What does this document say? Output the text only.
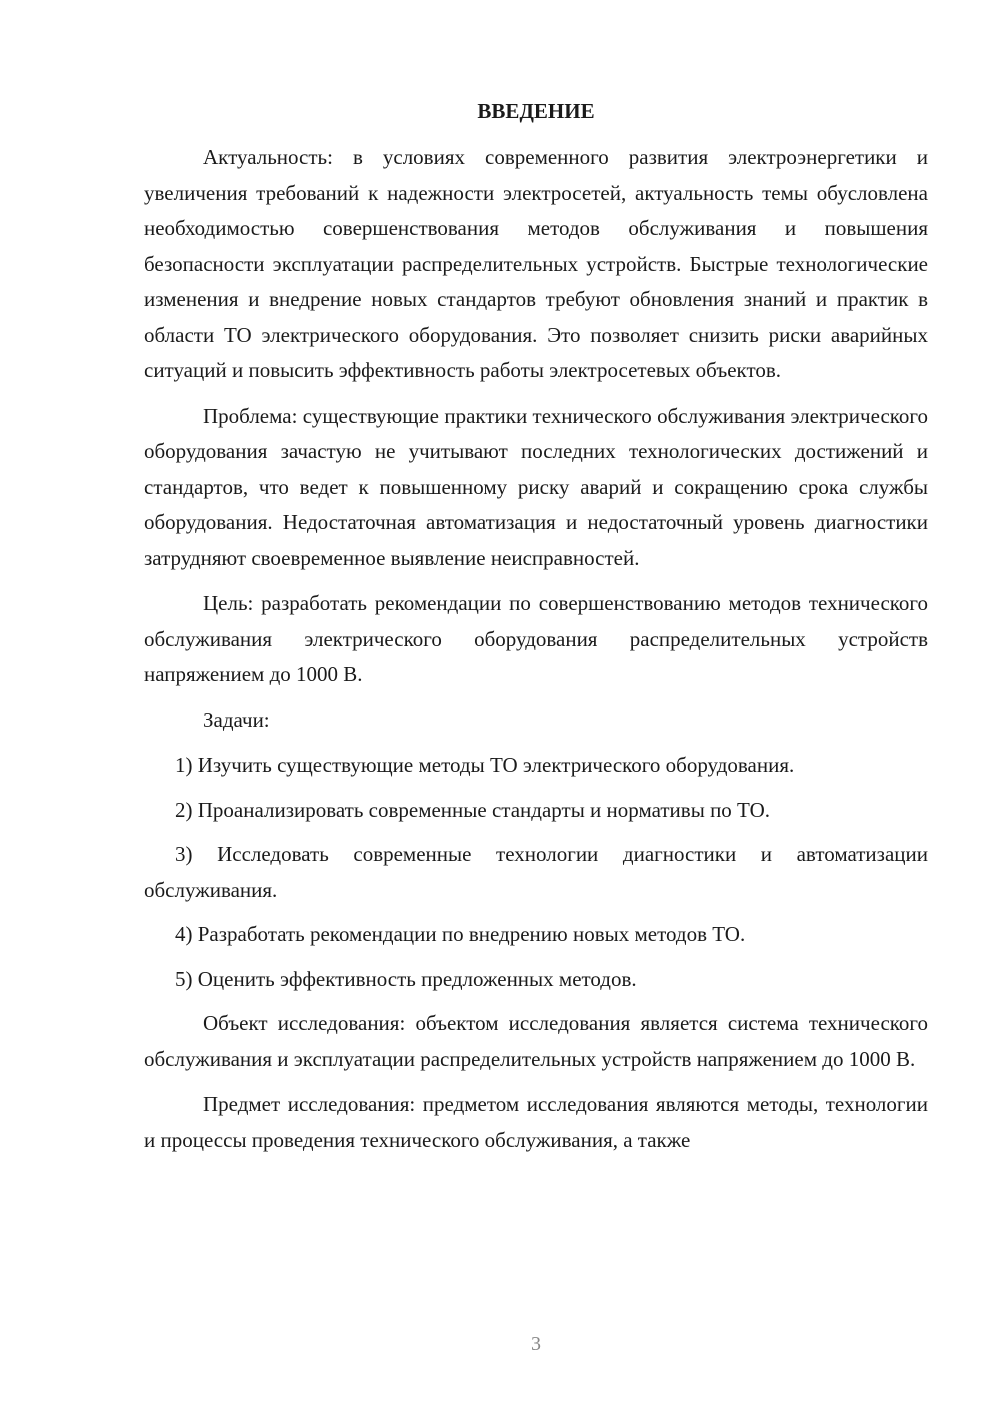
ВВЕДЕНИЕ

Актуальность: в условиях современного развития электроэнергетики и увеличения требований к надежности электросетей, актуальность темы обусловлена необходимостью совершенствования методов обслуживания и повышения безопасности эксплуатации распределительных устройств. Быстрые технологические изменения и внедрение новых стандартов требуют обновления знаний и практик в области ТО электрического оборудования. Это позволяет снизить риски аварийных ситуаций и повысить эффективность работы электросетевых объектов.

Проблема: существующие практики технического обслуживания электрического оборудования зачастую не учитывают последних технологических достижений и стандартов, что ведет к повышенному риску аварий и сокращению срока службы оборудования. Недостаточная автоматизация и недостаточный уровень диагностики затрудняют своевременное выявление неисправностей.

Цель: разработать рекомендации по совершенствованию методов технического обслуживания электрического оборудования распределительных устройств напряжением до 1000 В.

Задачи:

1) Изучить существующие методы ТО электрического оборудования.

2) Проанализировать современные стандарты и нормативы по ТО.

3) Исследовать современные технологии диагностики и автоматизации обслуживания.

4) Разработать рекомендации по внедрению новых методов ТО.

5) Оценить эффективность предложенных методов.

Объект исследования: объектом исследования является система технического обслуживания и эксплуатации распределительных устройств напряжением до 1000 В.

Предмет исследования: предметом исследования являются методы, технологии и процессы проведения технического обслуживания, а также

3
